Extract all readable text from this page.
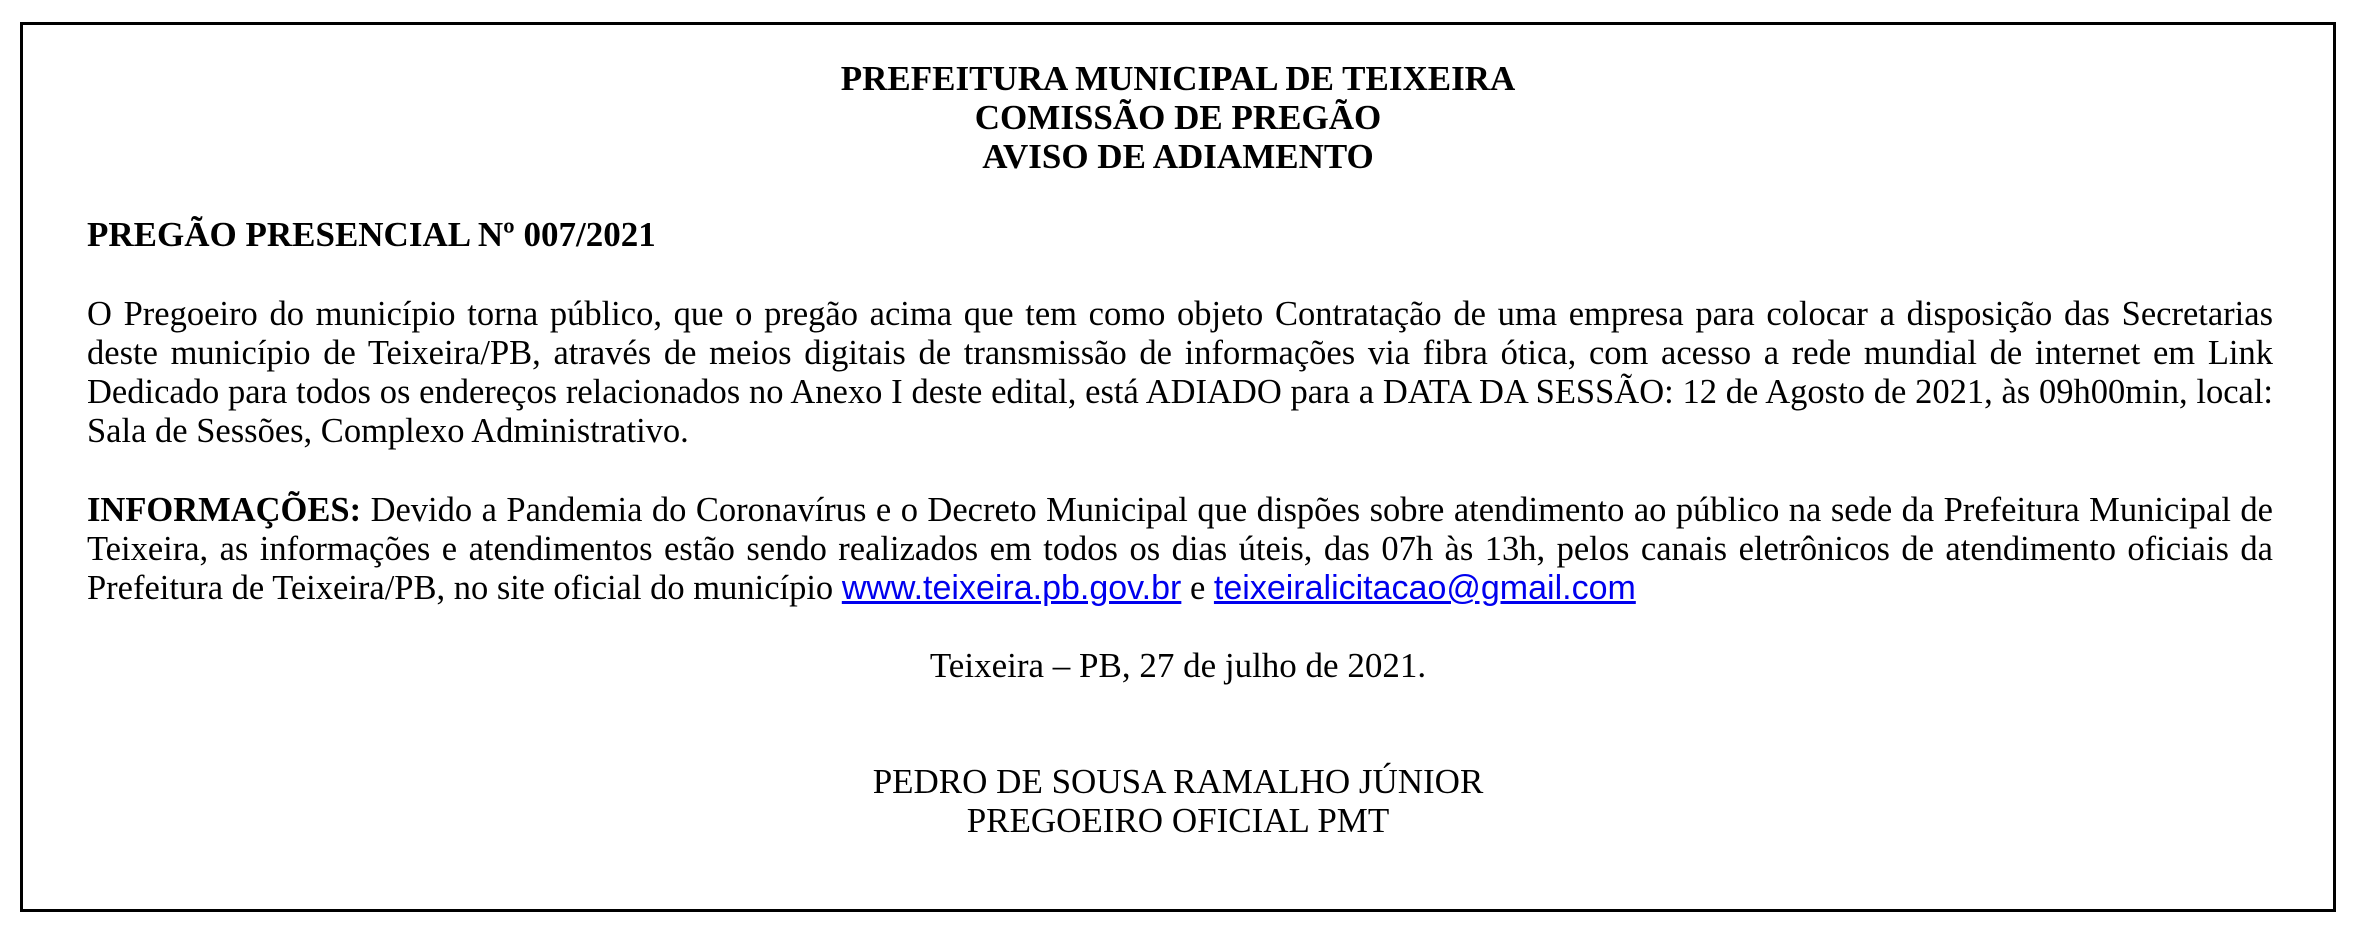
PREFEITURA MUNICIPAL DE TEIXEIRA
COMISSÃO DE PREGÃO
AVISO DE ADIAMENTO
PREGÃO PRESENCIAL Nº 007/2021
O Pregoeiro do município torna público, que o pregão acima que tem como objeto Contratação de uma empresa para colocar a disposição das Secretarias deste município de Teixeira/PB, através de meios digitais de transmissão de informações via fibra ótica, com acesso a rede mundial de internet em Link Dedicado para todos os endereços relacionados no Anexo I deste edital, está ADIADO para a DATA DA SESSÃO: 12 de Agosto de 2021, às 09h00min, local: Sala de Sessões, Complexo Administrativo.
INFORMAÇÕES: Devido a Pandemia do Coronavírus e o Decreto Municipal que dispões sobre atendimento ao público na sede da Prefeitura Municipal de Teixeira, as informações e atendimentos estão sendo realizados em todos os dias úteis, das 07h às 13h, pelos canais eletrônicos de atendimento oficiais da Prefeitura de Teixeira/PB, no site oficial do município www.teixeira.pb.gov.br e teixeiralicitacao@gmail.com
Teixeira – PB, 27 de julho de 2021.
PEDRO DE SOUSA RAMALHO JÚNIOR
PREGOEIRO OFICIAL PMT
